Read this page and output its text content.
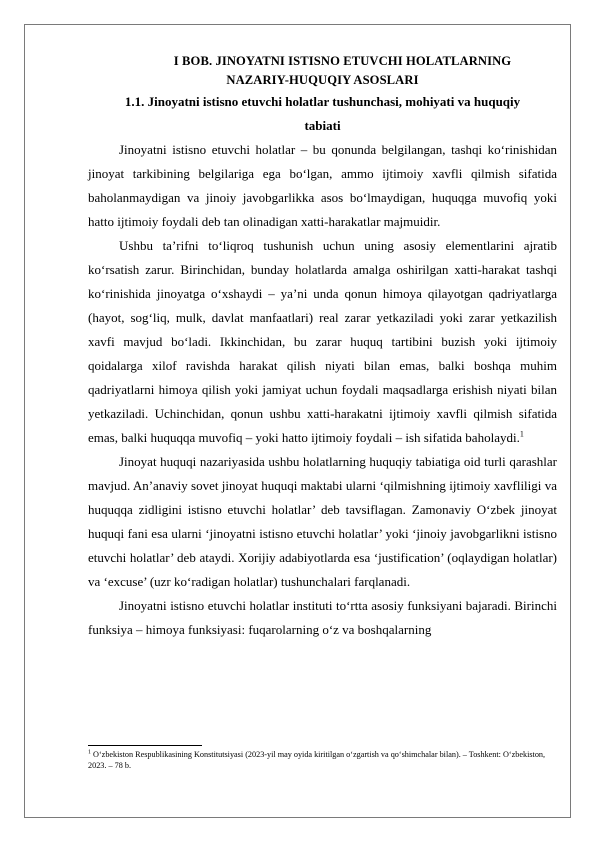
I BOB. JINOYATNI ISTISNO ETUVCHI HOLATLARNING
NAZARIY-HUQUQIY ASOSLARI
1.1. Jinoyatni istisno etuvchi holatlar tushunchasi, mohiyati va huquqiy
tabiati

Jinoyatni istisno etuvchi holatlar – bu qonunda belgilangan, tashqi ko‘rinishidan jinoyat tarkibining belgilariga ega bo‘lgan, ammo ijtimoiy xavfli qilmish sifatida baholanmaydigan va jinoiy javobgarlikka asos bo‘lmaydigan, huquqga muvofiq yoki hatto ijtimoiy foydali deb tan olinadigan xatti-harakatlar majmuidir.

Ushbu ta’rifni to‘liqroq tushunish uchun uning asosiy elementlarini ajratib ko‘rsatish zarur. Birinchidan, bunday holatlarda amalga oshirilgan xatti-harakat tashqi ko‘rinishida jinoyatga o‘xshaydi – ya’ni unda qonun himoya qilayotgan qadriyatlarga (hayot, sog‘liq, mulk, davlat manfaatlari) real zarar yetkaziladi yoki zarar yetkazilish xavfi mavjud bo‘ladi. Ikkinchidan, bu zarar huquq tartibini buzish yoki ijtimoiy qoidalarga xilof ravishda harakat qilish niyati bilan emas, balki boshqa muhim qadriyatlarni himoya qilish yoki jamiyat uchun foydali maqsadlarga erishish niyati bilan yetkaziladi. Uchinchidan, qonun ushbu xatti-harakatni ijtimoiy xavfli qilmish sifatida emas, balki huquqqa muvofiq – yoki hatto ijtimoiy foydali – ish sifatida baholaydi.$^1$

Jinoyat huquqi nazariyasida ushbu holatlarning huquqiy tabiatiga oid turli qarashlar mavjud. An’anaviy sovet jinoyat huquqi maktabi ularni ‘qilmishning ijtimoiy xavfliligi va huquqqa zidligini istisno etuvchi holatlar’ deb tavsiflagan. Zamonaviy O‘zbek jinoyat huquqi fani esa ularni ‘jinoyatni istisno etuvchi holatlar’ yoki ‘jinoiy javobgarlikni istisno etuvchi holatlar’ deb ataydi. Xorijiy adabiyotlarda esa ‘justification’ (oqlaydigan holatlar) va ‘excuse’ (uzr ko‘radigan holatlar) tushunchalari farqlanadi.

Jinoyatni istisno etuvchi holatlar instituti to‘rtta asosiy funksiyani bajaradi. Birinchi funksiya – himoya funksiyasi: fuqarolarning o‘z va boshqalarning

$^1$ O‘zbekiston Respublikasining Konstitutsiyasi (2023-yil may oyida kiritilgan o‘zgartish va qo‘shimchalar bilan). – Toshkent: O‘zbekiston, 2023. – 78 b.
